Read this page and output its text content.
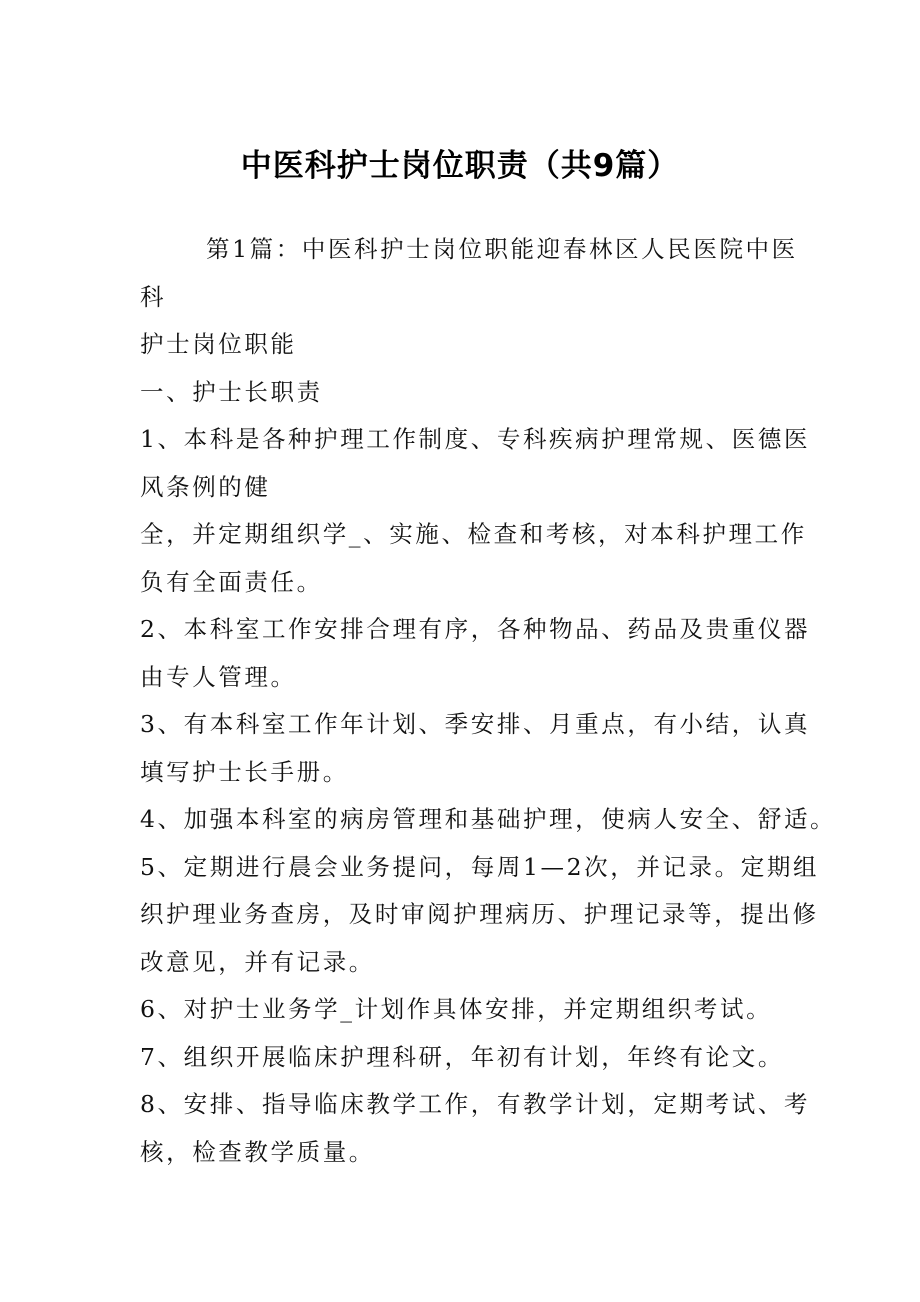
中医科护士岗位职责（共9篇）
第1篇：中医科护士岗位职能迎春林区人民医院中医
科
护士岗位职能
一、护士长职责
1、本科是各种护理工作制度、专科疾病护理常规、医德医
风条例的健
全，并定期组织学_、实施、检查和考核，对本科护理工作
负有全面责任。
2、本科室工作安排合理有序，各种物品、药品及贵重仪器
由专人管理。
3、有本科室工作年计划、季安排、月重点，有小结，认真
填写护士长手册。
4、加强本科室的病房管理和基础护理，使病人安全、舒适。
5、定期进行晨会业务提问，每周1—2次，并记录。定期组
织护理业务查房，及时审阅护理病历、护理记录等，提出修
改意见，并有记录。
6、对护士业务学_计划作具体安排，并定期组织考试。
7、组织开展临床护理科研，年初有计划，年终有论文。
8、安排、指导临床教学工作，有教学计划，定期考试、考
核，检查教学质量。
